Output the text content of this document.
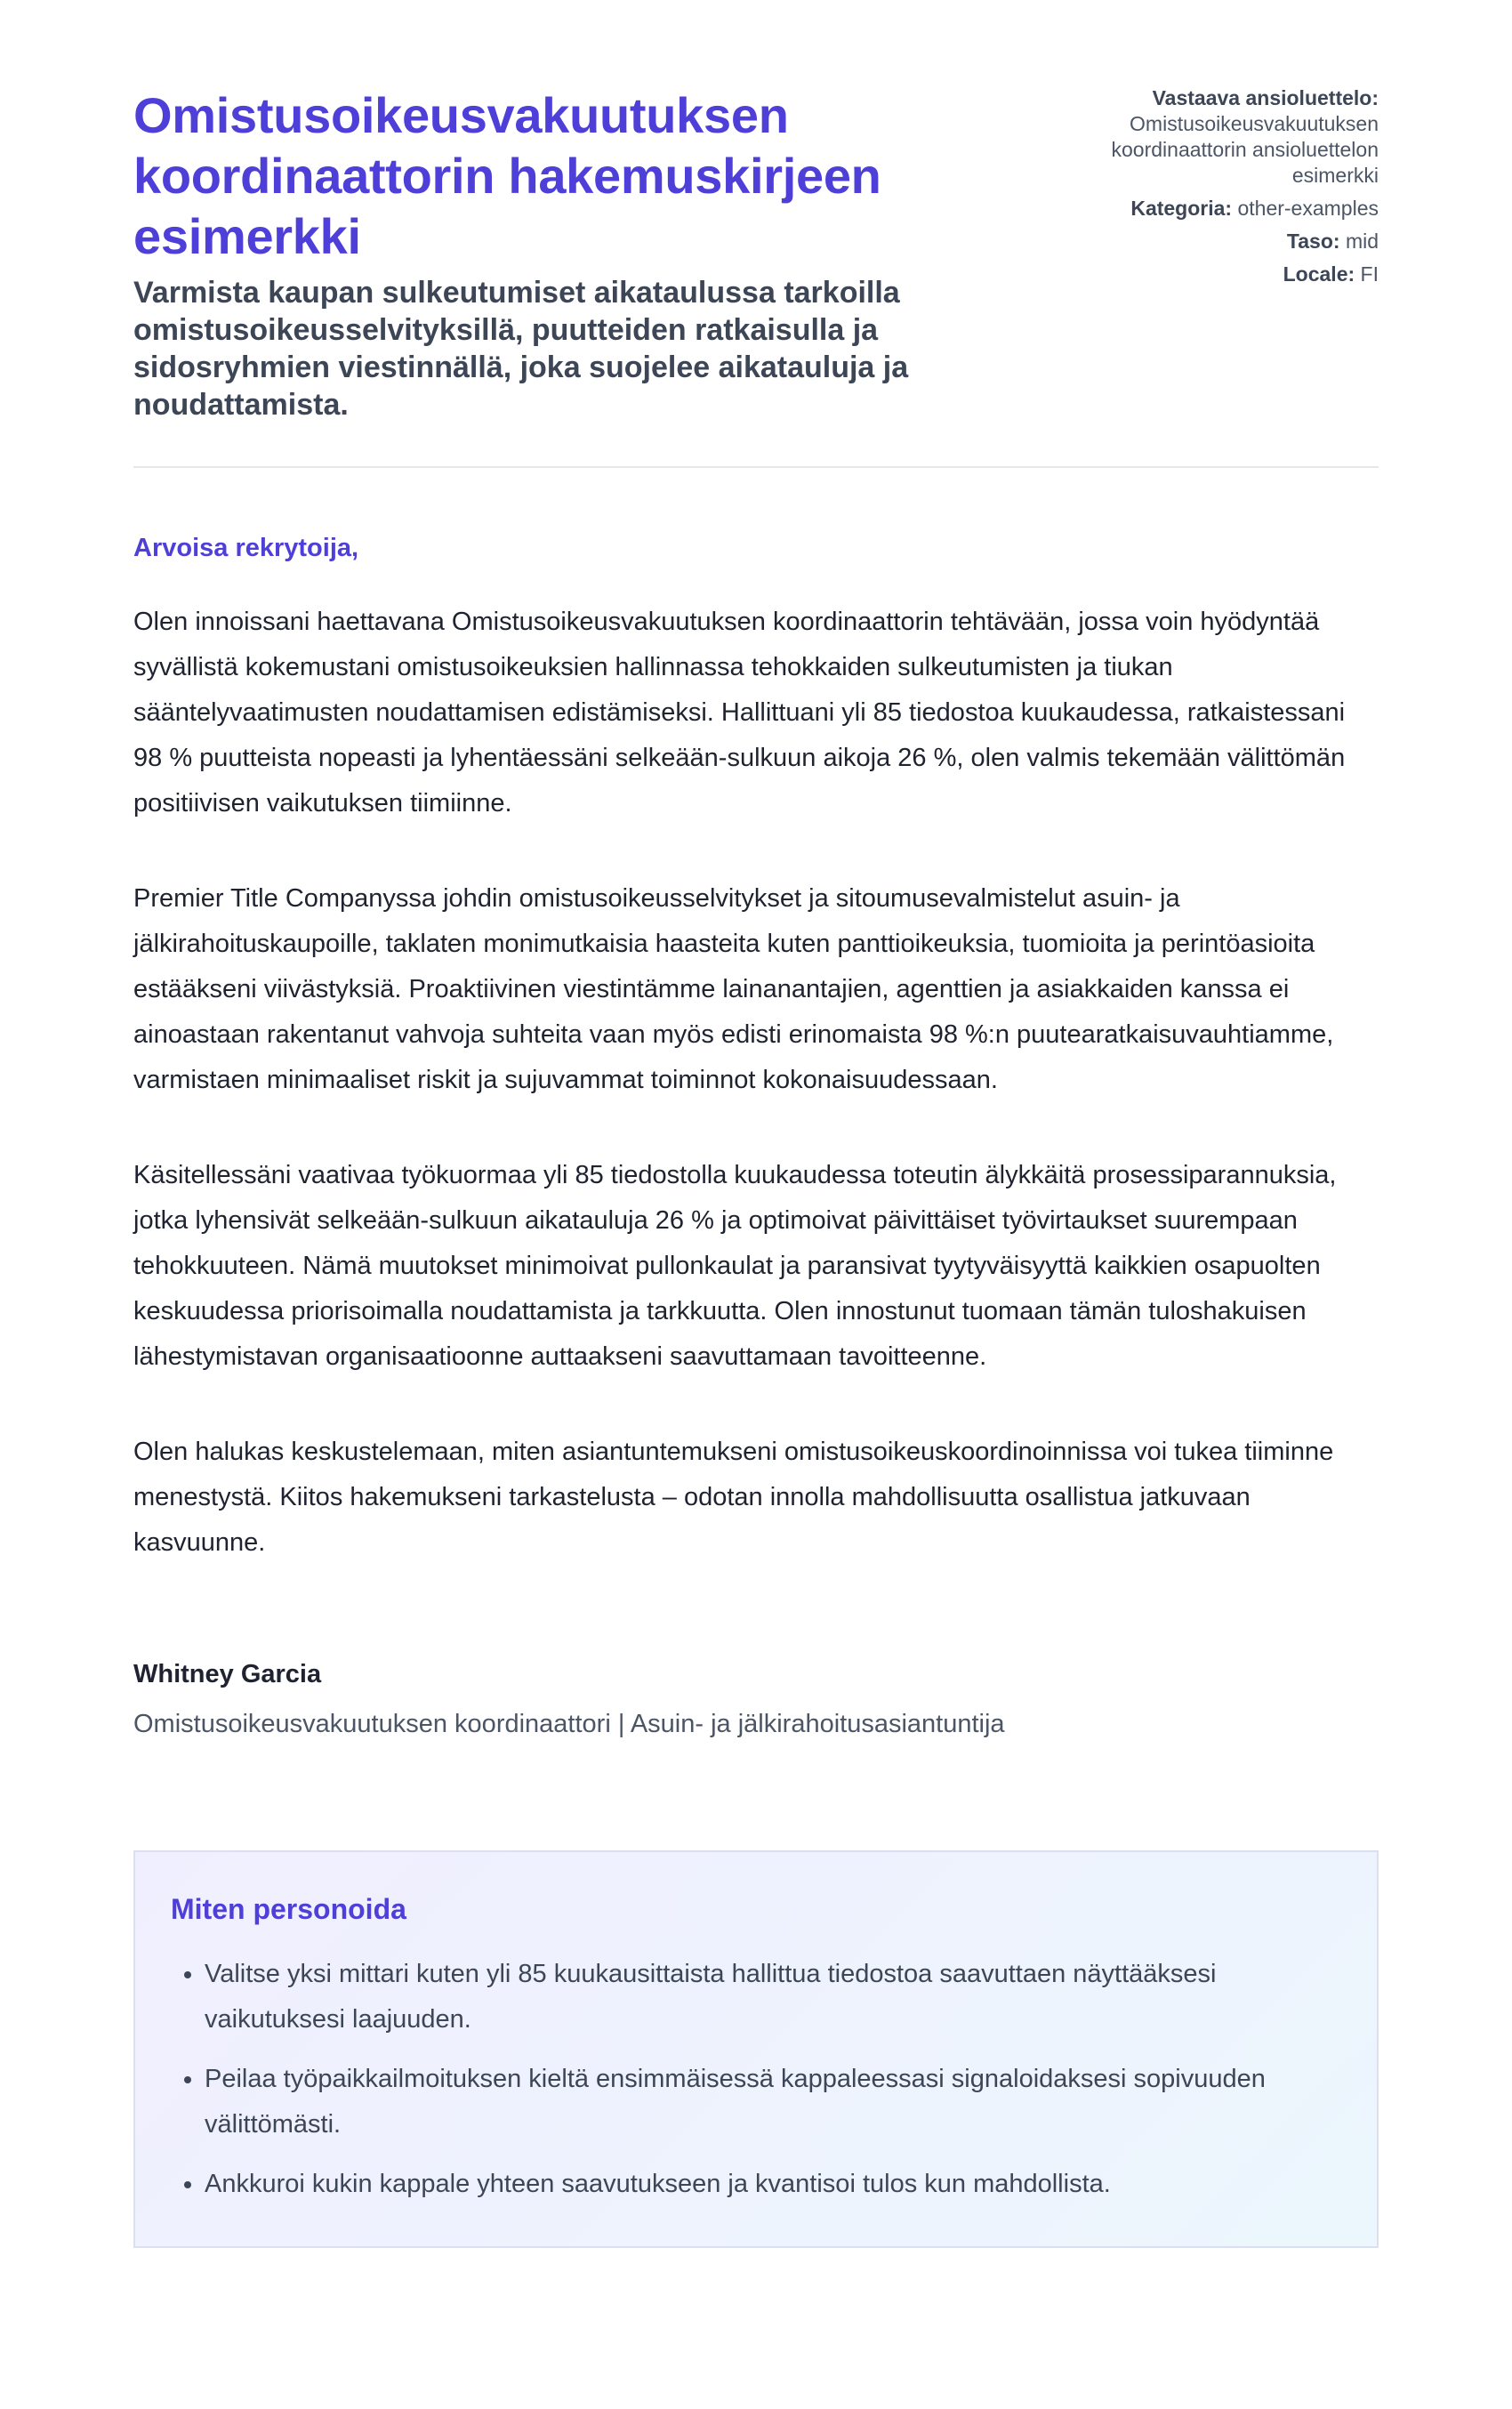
Omistusoikeusvakuutuksen koordinaattorin hakemuskirjeen esimerkki

Varmista kaupan sulkeutumiset aikataulussa tarkoilla omistusoikeusselvityksillä, puutteiden ratkaisulla ja sidosryhmien viestinnällä, joka suojelee aikatauluja ja noudattamista.

Vastaava ansioluettelo:
Omistusoikeusvakuutuksen koordinaattorin ansioluettelon esimerkki
Kategoria: other-examples
Taso: mid
Locale: FI

Arvoisa rekrytoija,

Olen innoissani haettavana Omistusoikeusvakuutuksen koordinaattorin tehtävään, jossa voin hyödyntää syvällistä kokemustani omistusoikeuksien hallinnassa tehokkaiden sulkeutumisten ja tiukan sääntelyvaatimusten noudattamisen edistämiseksi. Hallittuani yli 85 tiedostoa kuukaudessa, ratkaistessani 98 % puutteista nopeasti ja lyhentäessäni selkeään-sulkuun aikoja 26 %, olen valmis tekemään välittömän positiivisen vaikutuksen tiimiinne.

Premier Title Companyssa johdin omistusoikeusselvitykset ja sitoumusevalmistelut asuin- ja jälkirahoituskaupoille, taklaten monimutkaisia haasteita kuten panttioikeuksia, tuomioita ja perintöasioita estääkseni viivästyksiä. Proaktiivinen viestintämme lainanantajien, agenttien ja asiakkaiden kanssa ei ainoastaan rakentanut vahvoja suhteita vaan myös edisti erinomaista 98 %:n puutearatkaisuvauhtiamme, varmistaen minimaaliset riskit ja sujuvammat toiminnot kokonaisuudessaan.

Käsitellessäni vaativaa työkuormaa yli 85 tiedostolla kuukaudessa toteutin älykkäitä prosessiparannuksia, jotka lyhensivät selkeään-sulkuun aikatauluja 26 % ja optimoivat päivittäiset työvirtaukset suurempaan tehokkuuteen. Nämä muutokset minimoivat pullonkaulat ja paransivat tyytyväisyyttä kaikkien osapuolten keskuudessa priorisoimalla noudattamista ja tarkkuutta. Olen innostunut tuomaan tämän tuloshakuisen lähestymistavan organisaatioonne auttaakseni saavuttamaan tavoitteenne.

Olen halukas keskustelemaan, miten asiantuntemukseni omistusoikeuskoordinoinnissa voi tukea tiiminne menestystä. Kiitos hakemukseni tarkastelusta – odotan innolla mahdollisuutta osallistua jatkuvaan kasvuunne.

Whitney Garcia
Omistusoikeusvakuutuksen koordinaattori | Asuin- ja jälkirahoitusasiantuntija
Miten personoida
• Valitse yksi mittari kuten yli 85 kuukausittaista hallittua tiedostoa saavuttaen näyttääksesi vaikutuksesi laajuuden.
• Peilaa työpaikkailmoituksen kieltä ensimmäisessä kappaleessasi signaloidaksesi sopivuuden välittömästi.
• Ankkuroi kukin kappale yhteen saavutukseen ja kvantisoi tulos kun mahdollista.
